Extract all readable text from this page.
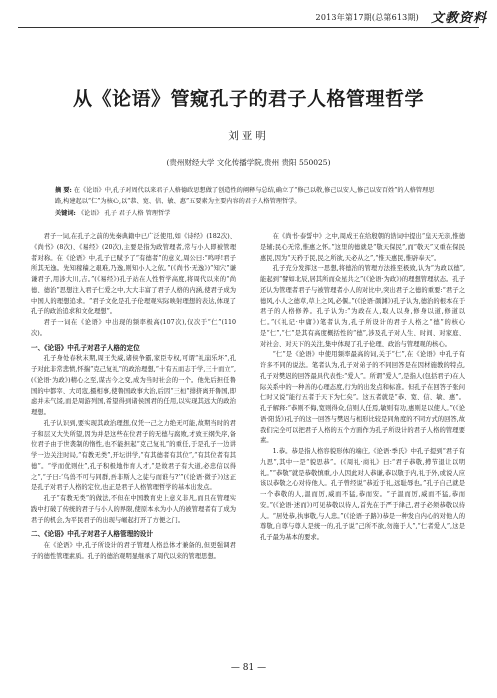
2013年第17期(总第613期) 文教资料
从《论语》管窥孔子的君子人格管理哲学
刘亚明
(贵州财经大学 文化传播学院,贵州 贵阳 550025)
摘 要: 在《论语》中,孔子对周代以来君子人格德政思想做了创造性的阐释与总结,确立了“修己以敬,修己以安人,修己以安百姓”的人格管理思路,构建起以“仁”为核心,以“恭、宽、信、敏、惠”五要素为主要内容的君子人格管理哲学。
关键词: 《论语》 孔子 君子人格 管理哲学

君子一词,在孔子之前的先秦典籍中已广泛使用,如《诗经》(182次)、《尚书》(8次)、《易经》(20次),主要是指为政管理者,常与小人即被管理者对称。在《论语》中,孔子已赋予了“有德者”的意义,周公曰:“鸣呼!君子所其无逸。先知稼穑之艰难,乃逸,则知小人之依。”(《尚书·无逸》)“知穴”谦谦君子,用涉大川,吉。”(《易经》)孔子站在人性哲学高度,将周代以来的“尚德、德治”思想注入君子仁爱之中,大大丰富了君子人格的内涵,使君子成为中国人的理想追求。“君子文化是孔子伦理观实际映射理想的表达,体现了孔子的政治追求和文化理想”。

君子一词在《论语》中出现的频率极高(107次),仅次于“仁”(110次)。

一、《论语》中孔子对君子人格的定位

孔子身处春秋末期,周王失威,诸侯争霸,家臣专权,可谓“礼崩乐坏”,孔子对此非常悲愤,怀揣“克己复礼”的政治理想,“十有五而志于学,三十而立”,(《论语·为政》)精心之至,谋古今之变,成为当时社会的一个。他先后担任鲁国的中都宰、大司寇,摄相事,使鲁国政事大治,后因“三桓”排挤离开鲁国,即虑并未气馁,而是周游列国,希望得到诸侯国君的任用,以实现其远大的政治理想。

孔子认识到,要实现其政治理想,仅凭一己之力绝无可能,故期当时的君子和层又大失所望,因为并是这些在位君子的无德与腐败,才致王纲失序,备位君子由于世袭制的惰性,也不能担起“克己复礼”的重任,于是孔子一边讲学一边关注时局,“有教无类”,开坛讲学,“有其德者有其位”,“有其位者有其德”。“学而优则仕”,孔子积极地作育人才,“是故君子有大道,必忠信以得之”,“子曰:‘鸟兽不可与同群,吾非斯人之徒与而谁与?’”(《论语·微子》)这正是孔子对君子人格的定位,也正是君子人格管理哲学的基本出发点。

孔子“有教无类”的做法,不但在中国教育史上意义非凡,而且在管理实践中打破了传统的君子与小人的界限,使原本永为小人的被管理者有了成为君子的机会,为平民君子的出现与崛起打开了方便之门。

二、《论语》中孔子对君子人格管理的设计

在《论语》中,孔子所设计的君子管理人格总体才兼备的,但更强调君子的德性管理素质。孔子的德治观明显继承了周代以来的管理思想。

在《尚书·泰誓中》之中,周成王在给殷朝的诰词中提出“皇天无亲,惟德是辅;民心无常,惟惠之怀。”这里的德就是“敬天保民”,而“敬天”又重在保民惠民,因为“天矜于民,民之所欲,天必从之”,“惟天惠民,惟辟奉天”。

孔子充分发挥这一思想,将德治的管理方法推至极致,认为“为政以德”,能起到“譬如北辰,居其所而众星共之”(《论语·为政》)的理想管理状态。孔子还认为管理者君子与被管理者小人的对比中,突出君子之德的重要:“君子之德风,小人之德草,草上之风,必偃。”(《论语·颜渊》)孔子认为,德治的根本在于君子的人格修养。孔子认为:“为政在人,取人以身,修身以道,修道以仁。”(《礼记·中庸》)笔者认为,孔子所设计的君子人格之“德”的核心是“仁”,“仁”是其有高度概括性的“德”,涉及孔子对人生、时间、对家庭、对社会、对天下的关注,集中体现了孔子伦理、政治与管理观的核心。

“仁”是《论语》中使用频率最高的词,关于“仁”,在《论语》中孔子有许多不同的说法。笔者认为,孔子对弟子的不同回答是在因材施教的特点,孔子对樊迟的回答最具代表性:“爱人”。所谓“爱人”,是指人(包括君子)在人际关系中的一种善的心理态度,行为的出发点和标准。但孔子在回答子张问仁时又说“能行五者于天下为仁矣”。这五者就是“恭、宽、信、敏、惠”。孔子解释:“恭则不侮,宽则得众,信则人任焉,敏则有功,惠则足以使人。”(《论语·阳货》)孔子的这一回答与樊迟与相形比较是同角度的不同方式的回答,故我们完全可以把君子人格的五个方面作为孔子所设计的君子人格的管理要素。

1.恭。恭是指人格容貌形体的端庄,《论语·季氏》中孔子提到“君子有九思”,其中一是“貌思恭”。(《周礼·商礼》曰:“君子恭敬,撙节退让以明礼。”“恭敬”就是恭敬慎重,小人因此对人恭谦,恭以敬于内,礼于外,或说人应该以恭敬之心对待他人。孔子曾经说“恭近于礼,远耻辱也。”孔子自己就是一个恭敬的人,温而厉,威而不猛,恭而安。“子温而厉,威而不猛,恭而安。”(《论语·述而》)可见恭敬以待人,首先在于严于律己,君子必须恭敬以待人。“居处恭,执事敬,与人忠。”(《论语·子路》)恭是一种发自内心的对他人的尊敬,自尊与尊人是统一的,孔子说“己所不欲,勿施于人”,“仁者爱人”,这是孔子最为基本的要求。

— 81 —
